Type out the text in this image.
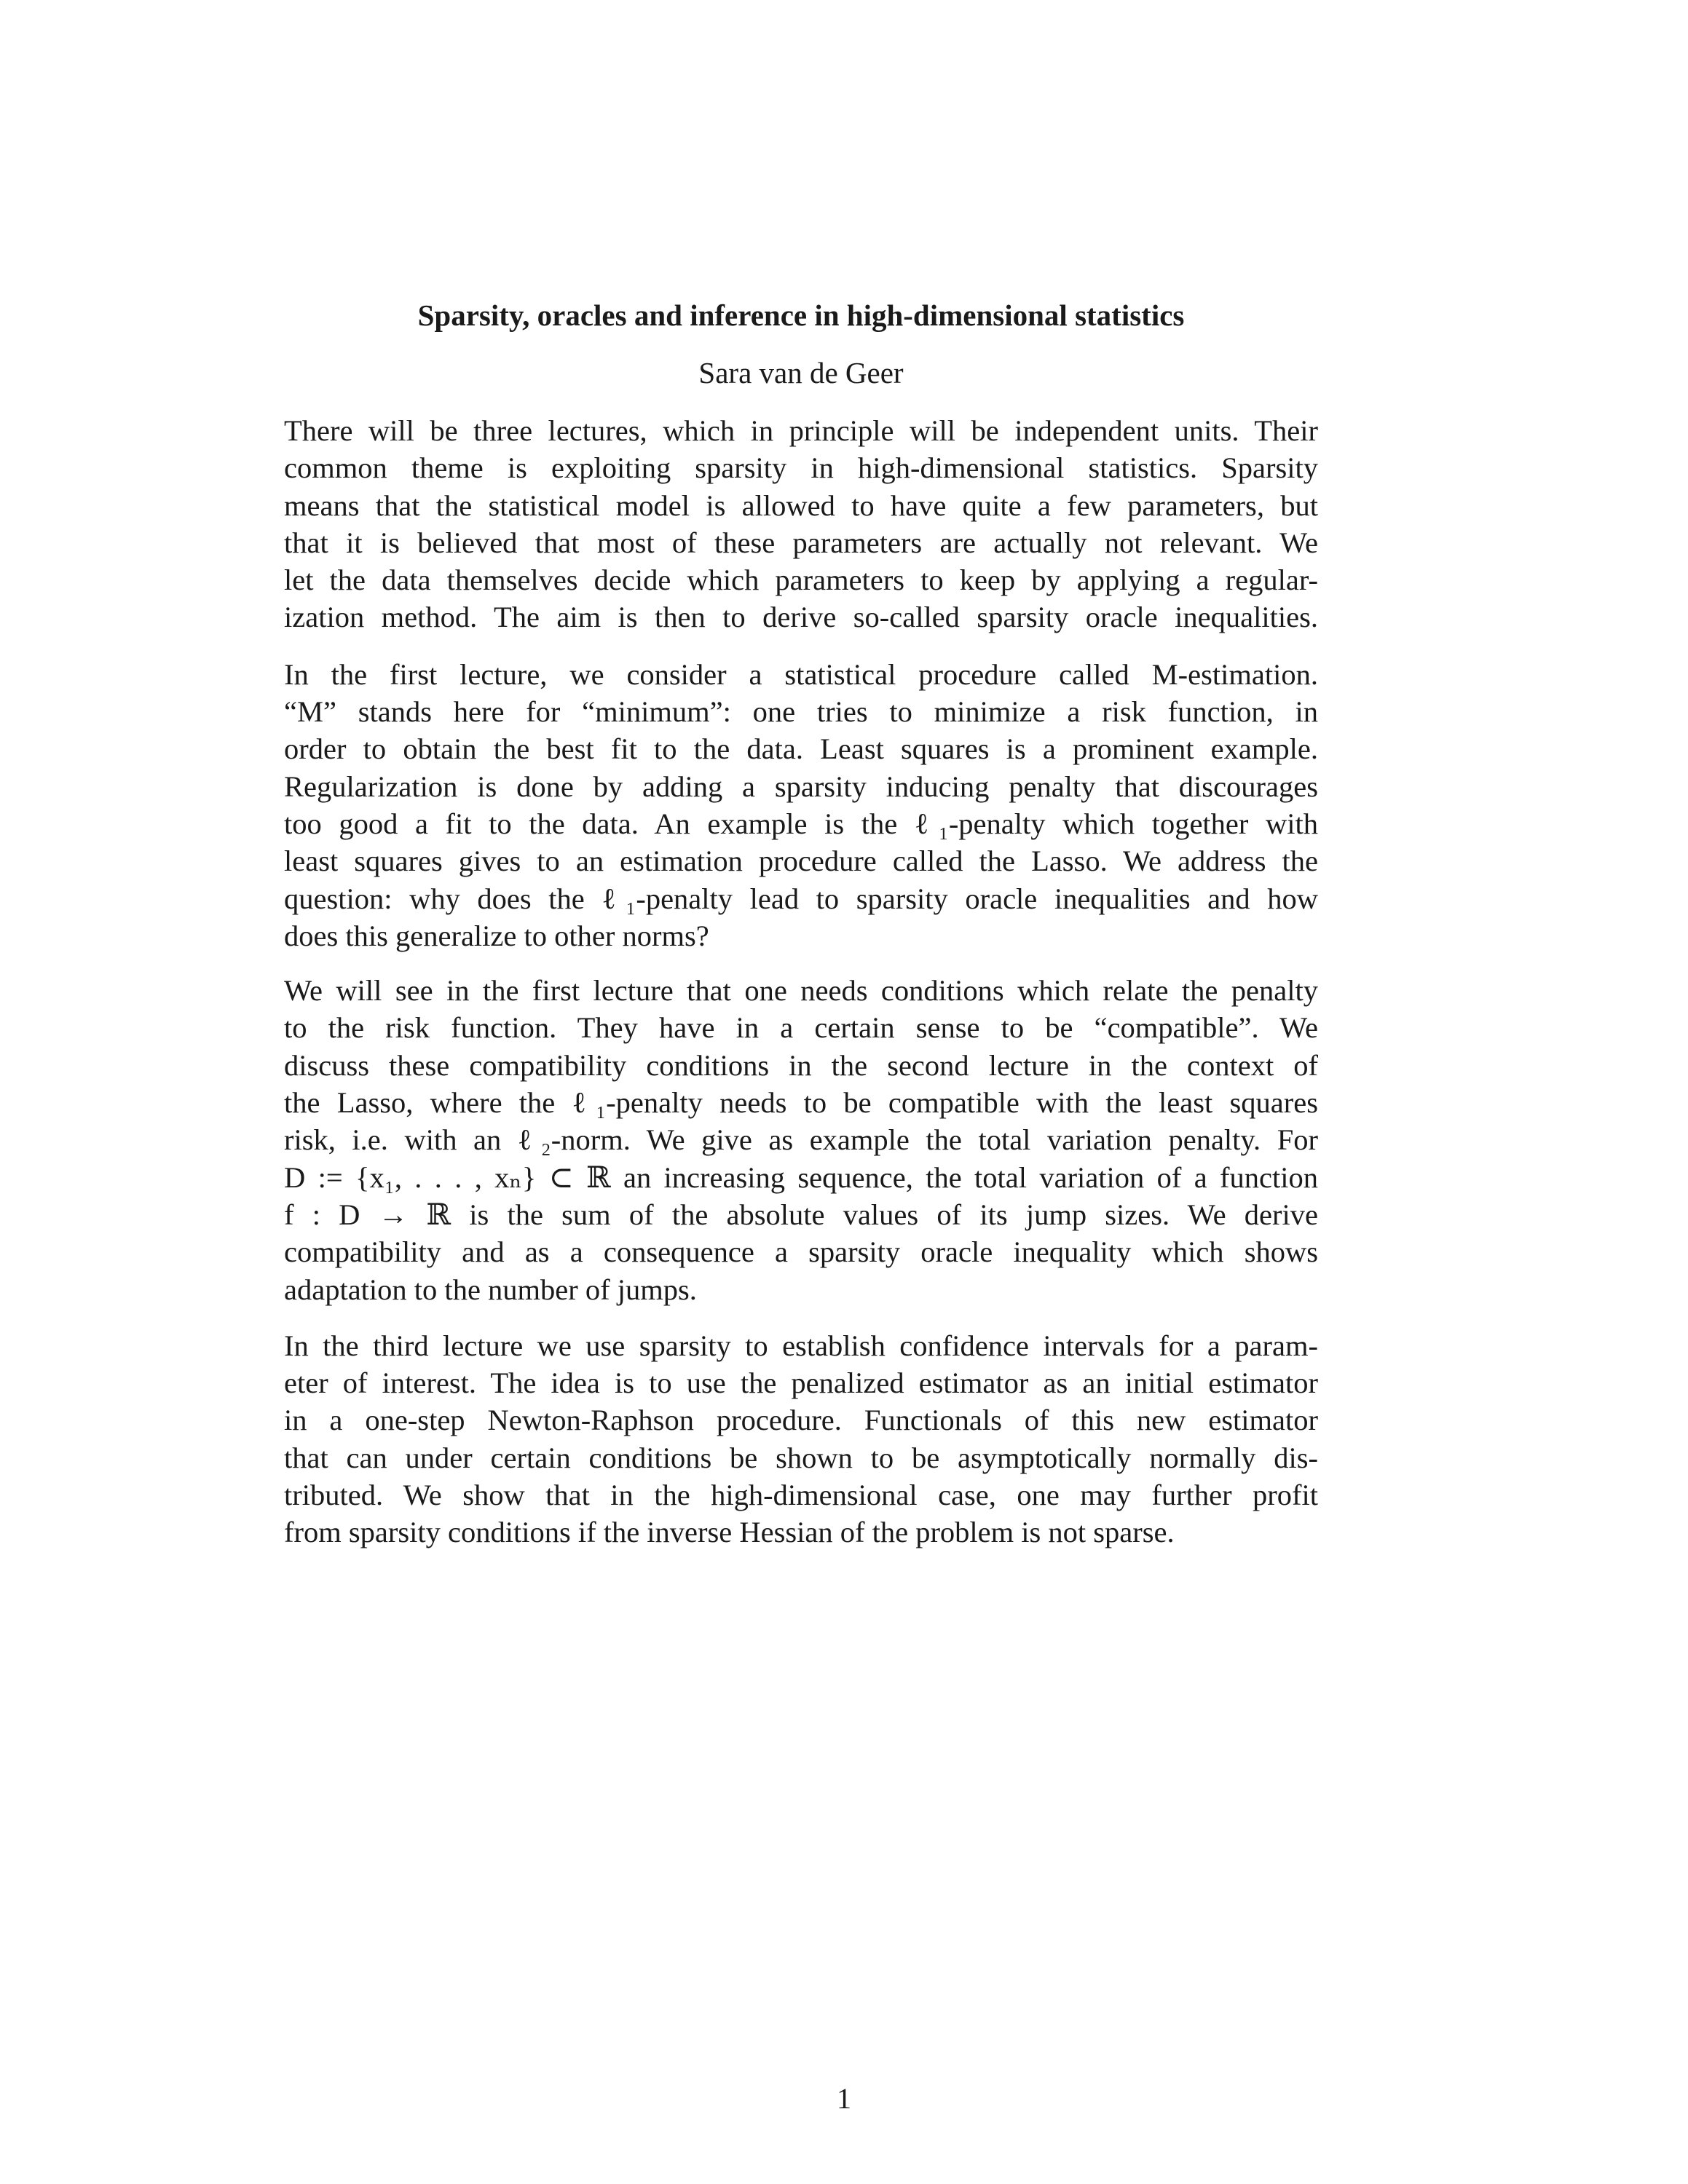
Sparsity, oracles and inference in high-dimensional statistics
Sara van de Geer

There will be three lectures, which in principle will be independent units. Their
common theme is exploiting sparsity in high-dimensional statistics. Sparsity
means that the statistical model is allowed to have quite a few parameters, but
that it is believed that most of these parameters are actually not relevant. We
let the data themselves decide which parameters to keep by applying a regular-
ization method. The aim is then to derive so-called sparsity oracle inequalities.

In the first lecture, we consider a statistical procedure called M-estimation.
“M” stands here for “minimum”: one tries to minimize a risk function, in
order to obtain the best fit to the data. Least squares is a prominent example.
Regularization is done by adding a sparsity inducing penalty that discourages
too good a fit to the data. An example is the ℓ₁-penalty which together with
least squares gives to an estimation procedure called the Lasso. We address the
question: why does the ℓ₁-penalty lead to sparsity oracle inequalities and how
does this generalize to other norms?

We will see in the first lecture that one needs conditions which relate the penalty
to the risk function. They have in a certain sense to be “compatible”. We
discuss these compatibility conditions in the second lecture in the context of
the Lasso, where the ℓ₁-penalty needs to be compatible with the least squares
risk, i.e. with an ℓ₂-norm. We give as example the total variation penalty. For
D := {x₁, . . . , xₙ} ⊂ ℝ an increasing sequence, the total variation of a function
f : D → ℝ is the sum of the absolute values of its jump sizes. We derive
compatibility and as a consequence a sparsity oracle inequality which shows
adaptation to the number of jumps.

In the third lecture we use sparsity to establish confidence intervals for a param-
eter of interest. The idea is to use the penalized estimator as an initial estimator
in a one-step Newton-Raphson procedure. Functionals of this new estimator
that can under certain conditions be shown to be asymptotically normally dis-
tributed. We show that in the high-dimensional case, one may further profit
from sparsity conditions if the inverse Hessian of the problem is not sparse.

1
